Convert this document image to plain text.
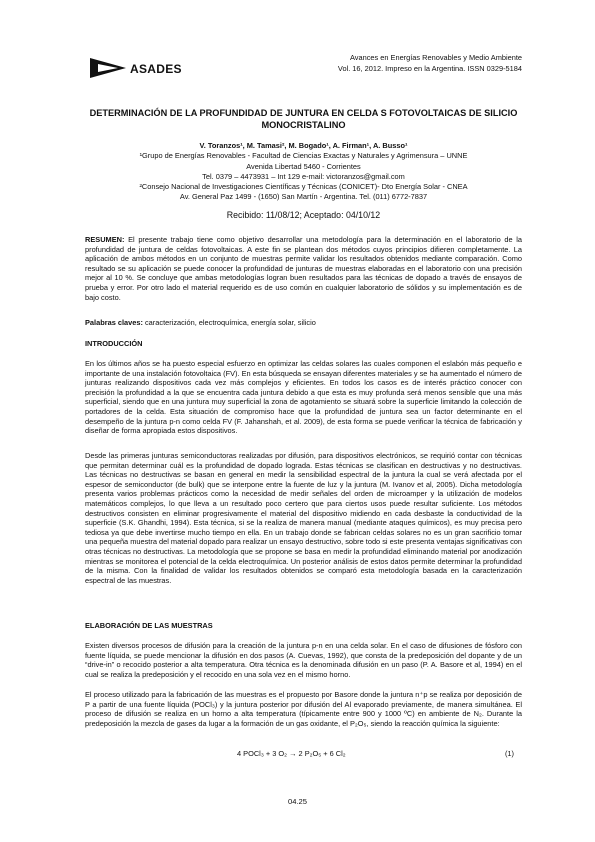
ASADES
Avances en Energías Renovables y Medio Ambiente
Vol. 16, 2012. Impreso en la Argentina. ISSN 0329-5184
DETERMINACIÓN DE LA PROFUNDIDAD DE JUNTURA EN CELDA S FOTOVOLTAICAS DE SILICIO MONOCRISTALINO
V. Toranzos¹, M. Tamasi², M. Bogado¹, A. Firman¹, A. Busso¹
¹Grupo de Energías Renovables - Facultad de Ciencias Exactas y Naturales y Agrimensura – UNNE
Avenida Libertad 5460 - Corrientes
Tel. 0379 – 4473931 – Int 129 e-mail: victoranzos@gmail.com
²Consejo Nacional de Investigaciones Científicas y Técnicas (CONICET)- Dto Energía Solar - CNEA
Av. General Paz 1499 - (1650) San Martín - Argentina. Tel. (011) 6772-7837
Recibido: 11/08/12; Aceptado: 04/10/12
RESUMEN: El presente trabajo tiene como objetivo desarrollar una metodología para la determinación en el laboratorio de la profundidad de juntura de celdas fotovoltaicas. A este fin se plantean dos métodos cuyos principios difieren completamente. La aplicación de ambos métodos en un conjunto de muestras permite validar los resultados obtenidos mediante comparación. Como resultado se su aplicación se puede conocer la profundidad de junturas de muestras elaboradas en el laboratorio con una precisión mejor al 10 %. Se concluye que ambas metodologías logran buen resultados para las técnicas de dopado a través de ensayos de prueba y error. Por otro lado el material requerido es de uso común en cualquier laboratorio de sólidos y su implementación es de bajo costo.
Palabras claves: caracterización, electroquímica, energía solar, silicio
INTRODUCCIÓN
En los últimos años se ha puesto especial esfuerzo en optimizar las celdas solares las cuales componen el eslabón más pequeño e importante de una instalación fotovoltaica (FV). En esta búsqueda se ensayan diferentes materiales y se ha aumentado el número de junturas realizando dispositivos cada vez más complejos y eficientes. En todos los casos es de interés práctico conocer con precisión la profundidad a la que se encuentra cada juntura debido a que esta es muy profunda será menos sensible que una más superficial, siendo que en una juntura muy superficial la zona de agotamiento se situará sobre la superficie limitando la colección de portadores de la celda. Esta situación de compromiso hace que la profundidad de juntura sea un factor determinante en el desempeño de la juntura p-n como celda FV (F. Jahanshah, et al. 2009), de esta forma se puede verificar la técnica de fabricación y diseñar de forma apropiada estos dispositivos.
Desde las primeras junturas semiconductoras realizadas por difusión, para dispositivos electrónicos, se requirió contar con técnicas que permitan determinar cuál es la profundidad de dopado lograda. Estas técnicas se clasifican en destructivas y no destructivas. Las técnicas no destructivas se basan en general en medir la sensibilidad espectral de la juntura la cual se verá afectada por el espesor de semiconductor (de bulk) que se interpone entre la fuente de luz y la juntura (M. Ivanov et al, 2005). Dicha metodología presenta varios problemas prácticos como la necesidad de medir señales del orden de microamper y la utilización de modelos matemáticos complejos, lo que lleva a un resultado poco certero que para ciertos usos puede resultar suficiente. Los métodos destructivos consisten en eliminar progresivamente el material del dispositivo midiendo en cada desbaste la conductividad de la superficie (S.K. Ghandhi, 1994). Esta técnica, si se la realiza de manera manual (mediante ataques químicos), es muy precisa pero tediosa ya que debe invertirse mucho tiempo en ella. En un trabajo donde se fabrican celdas solares no es un gran sacrificio tomar una pequeña muestra del material dopado para realizar un ensayo destructivo, sobre todo si este presenta ventajas significativas con otras técnicas no destructivas. La metodología que se propone se basa en medir la profundidad eliminando material por anodización mientras se monitorea el potencial de la celda electroquímica. Un posterior análisis de estos datos permite determinar la profundidad de la misma. Con la finalidad de validar los resultados obtenidos se comparó esta metodología basada en la caracterización espectral de las muestras.
ELABORACIÓN DE LAS MUESTRAS
Existen diversos procesos de difusión para la creación de la juntura p-n en una celda solar. En el caso de difusiones de fósforo con fuente líquida, se puede mencionar la difusión en dos pasos (A. Cuevas, 1992), que consta de la predeposición del dopante y de un “drive-in” o recocido posterior a alta temperatura. Otra técnica es la denominada difusión en un paso (P. A. Basore et al, 1994) en el cual se realiza la predeposición y el recocido en una sola vez en el mismo horno.
El proceso utilizado para la fabricación de las muestras es el propuesto por Basore donde la juntura n⁺p se realiza por deposición de P a partir de una fuente líquida (POCl₃) y la juntura posterior por difusión del Al evaporado previamente, de manera simultánea. El proceso de difusión se realiza en un horno a alta temperatura (típicamente entre 900 y 1000 ºC) en ambiente de N₂. Durante la predeposición la mezcla de gases da lugar a la formación de un gas oxidante, el P₂O₅, siendo la reacción química la siguiente:
4 POCl₃ + 3 O₂ → 2 P₂O₅ + 6 Cl₂	(1)
04.25
